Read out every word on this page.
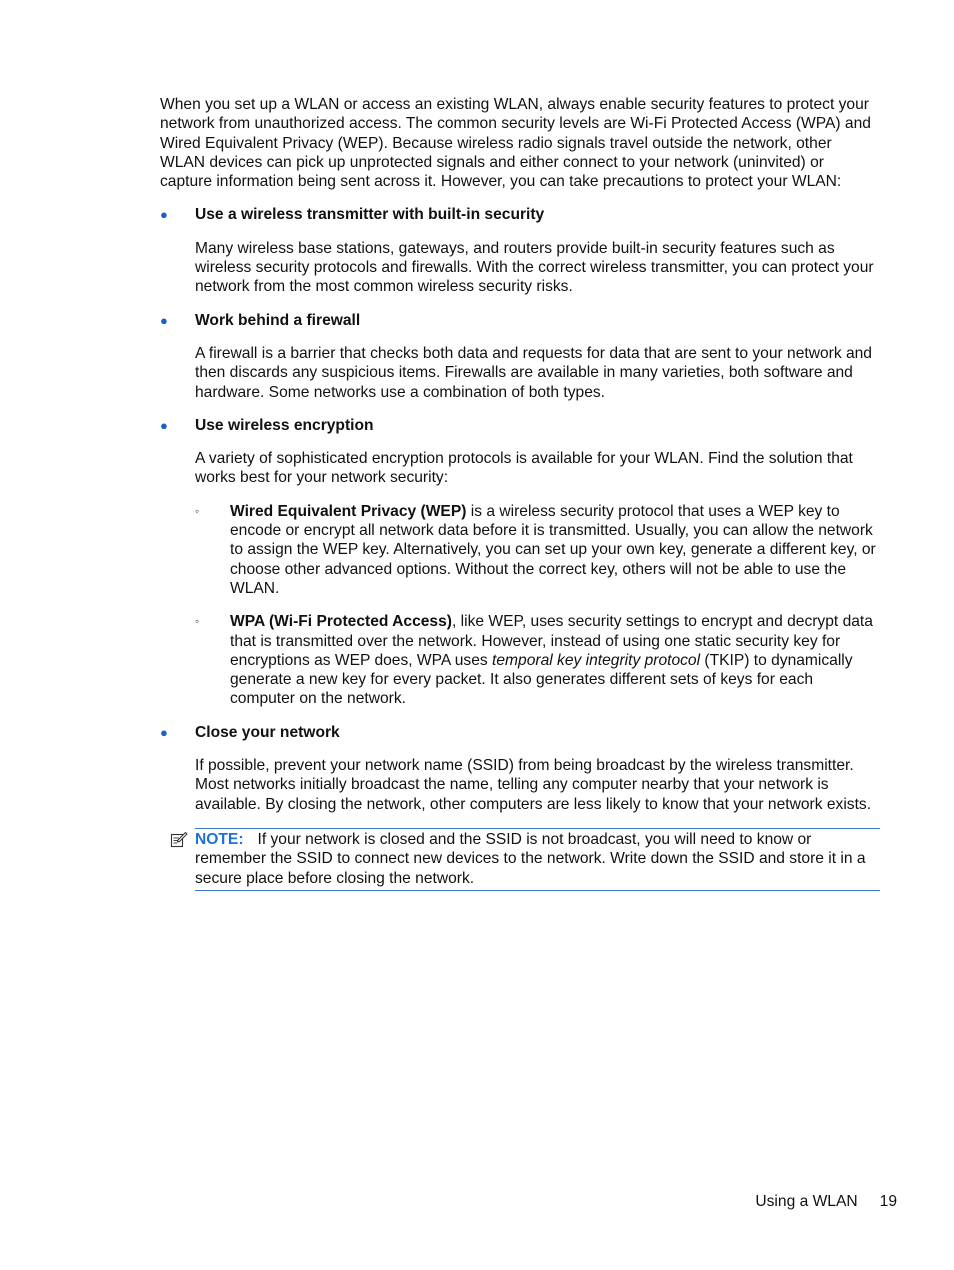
When you set up a WLAN or access an existing WLAN, always enable security features to protect your network from unauthorized access. The common security levels are Wi-Fi Protected Access (WPA) and Wired Equivalent Privacy (WEP). Because wireless radio signals travel outside the network, other WLAN devices can pick up unprotected signals and either connect to your network (uninvited) or capture information being sent across it. However, you can take precautions to protect your WLAN:

●	Use a wireless transmitter with built-in security

Many wireless base stations, gateways, and routers provide built-in security features such as wireless security protocols and firewalls. With the correct wireless transmitter, you can protect your network from the most common wireless security risks.

●	Work behind a firewall

A firewall is a barrier that checks both data and requests for data that are sent to your network and then discards any suspicious items. Firewalls are available in many varieties, both software and hardware. Some networks use a combination of both types.

●	Use wireless encryption

A variety of sophisticated encryption protocols is available for your WLAN. Find the solution that works best for your network security:

◦ Wired Equivalent Privacy (WEP) is a wireless security protocol that uses a WEP key to encode or encrypt all network data before it is transmitted. Usually, you can allow the network to assign the WEP key. Alternatively, you can set up your own key, generate a different key, or choose other advanced options. Without the correct key, others will not be able to use the WLAN.

◦ WPA (Wi-Fi Protected Access), like WEP, uses security settings to encrypt and decrypt data that is transmitted over the network. However, instead of using one static security key for encryptions as WEP does, WPA uses temporal key integrity protocol (TKIP) to dynamically generate a new key for every packet. It also generates different sets of keys for each computer on the network.

●	Close your network

If possible, prevent your network name (SSID) from being broadcast by the wireless transmitter. Most networks initially broadcast the name, telling any computer nearby that your network is available. By closing the network, other computers are less likely to know that your network exists.

NOTE: If your network is closed and the SSID is not broadcast, you will need to know or remember the SSID to connect new devices to the network. Write down the SSID and store it in a secure place before closing the network.

Using a WLAN 19
